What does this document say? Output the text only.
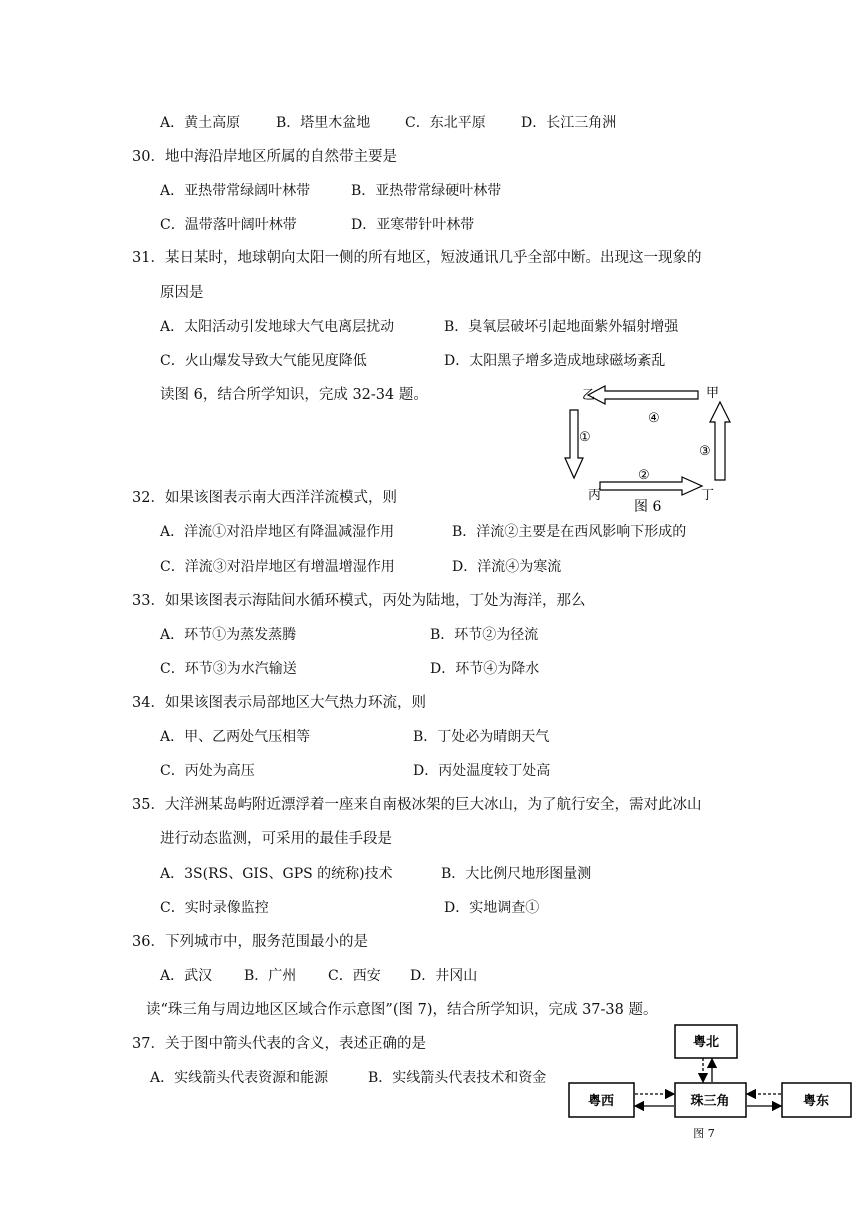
A．黄土高原	B．塔里木盆地 C．东北平原	D．长江三角洲
30．地中海沿岸地区所属的自然带主要是
A．亚热带常绿阔叶林带	B．亚热带常绿硬叶林带
C．温带落叶阔叶林带	D．亚寒带针叶林带
31．某日某时，地球朝向太阳一侧的所有地区，短波通讯几乎全部中断。出现这一现象的
原因是
A．太阳活动引发地球大气电离层扰动	B．臭氧层破坏引起地面紫外辐射增强
C．火山爆发导致大气能见度降低	D．太阳黑子增多造成地球磁场紊乱
读图 6，结合所学知识，完成 32-34 题。	乙	甲
丙	丁
④
①
②
③
图 6
32．如果该图表示南大西洋洋流模式，则
A．洋流①对沿岸地区有降温减湿作用	B．洋流②主要是在西风影响下形成的
C．洋流③对沿岸地区有增温增湿作用	D．洋流④为寒流
33．如果该图表示海陆间水循环模式，丙处为陆地，丁处为海洋，那么
A．环节①为蒸发蒸腾	B．环节②为径流
C．环节③为水汽输送	D．环节④为降水
34．如果该图表示局部地区大气热力环流，则
A．甲、乙两处气压相等	B．丁处必为晴朗天气
C．丙处为高压	D．丙处温度较丁处高
35．大洋洲某岛屿附近漂浮着一座来自南极冰架的巨大冰山，为了航行安全，需对此冰山
进行动态监测，可采用的最佳手段是
A．3S(RS、GIS、GPS 的统称)技术	B．大比例尺地形图量测
C．实时录像监控	D．实地调查①
36．下列城市中，服务范围最小的是
A．武汉 B．广州 C．西安 D．井冈山
读“珠三角与周边地区区域合作示意图”(图 7)，结合所学知识，完成 37-38 题。
37．关于图中箭头代表的含义，表述正确的是
A．实线箭头代表资源和能源	B．实线箭头代表技术和资金
粤北
粤西	珠三角	粤东
图 7
